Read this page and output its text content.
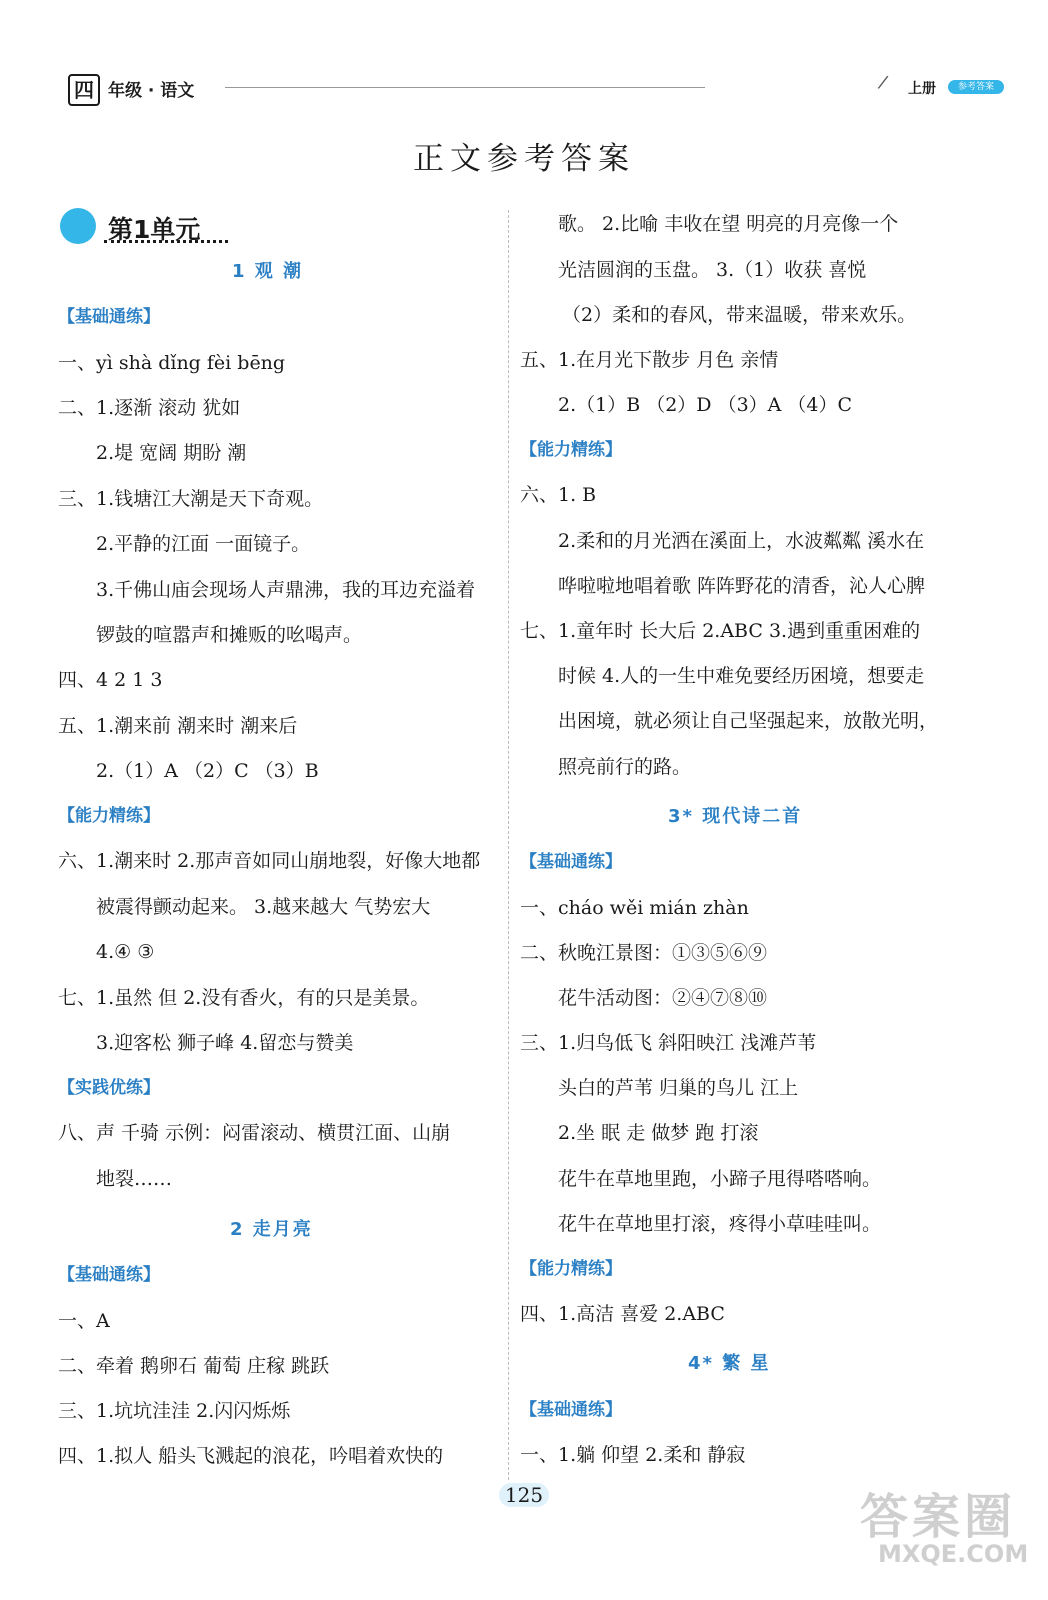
四 年级 · 语文	/ 上册	参考答案
正文参考答案
第1单元
1 观 潮
【基础通练】
一、yì shà dǐng fèi bēng
二、1.逐渐 滚动 犹如
2.堤 宽阔 期盼 潮
三、1.钱塘江大潮是天下奇观。
2.平静的江面 一面镜子。
3.千佛山庙会现场人声鼎沸，我的耳边充溢着
锣鼓的喧嚣声和摊贩的吆喝声。
四、4 2 1 3
五、1.潮来前 潮来时 潮来后
2.（1）A （2）C （3）B
【能力精练】
六、1.潮来时 2.那声音如同山崩地裂，好像大地都
被震得颤动起来。 3.越来越大 气势宏大
4.④ ③
七、1.虽然 但 2.没有香火，有的只是美景。
3.迎客松 狮子峰 4.留恋与赞美
【实践优练】
八、声 千骑 示例：闷雷滚动、横贯江面、山崩
地裂……
2 走月亮
【基础通练】
一、A
二、牵着 鹅卵石 葡萄 庄稼 跳跃
三、1.坑坑洼洼 2.闪闪烁烁
四、1.拟人 船头飞溅起的浪花，吟唱着欢快的
歌。 2.比喻 丰收在望 明亮的月亮像一个
光洁圆润的玉盘。 3.（1）收获 喜悦
（2）柔和的春风，带来温暖，带来欢乐。
五、1.在月光下散步 月色 亲情
2.（1）B （2）D （3）A （4）C
【能力精练】
六、1. B
2.柔和的月光洒在溪面上，水波粼粼 溪水在
哗啦啦地唱着歌 阵阵野花的清香，沁人心脾
七、1.童年时 长大后 2.ABC 3.遇到重重困难的
时候 4.人的一生中难免要经历困境，想要走
出困境，就必须让自己坚强起来，放散光明，
照亮前行的路。
3* 现代诗二首
【基础通练】
一、cháo wěi mián zhàn
二、秋晚江景图：①③⑤⑥⑨
花牛活动图：②④⑦⑧⑩
三、1.归鸟低飞 斜阳映江 浅滩芦苇
头白的芦苇 归巢的鸟儿 江上
2.坐 眠 走 做梦 跑 打滚
花牛在草地里跑，小蹄子甩得嗒嗒响。
花牛在草地里打滚，疼得小草哇哇叫。
【能力精练】
四、1.高洁 喜爱 2.ABC
4* 繁 星
【基础通练】
一、1.躺 仰望 2.柔和 静寂
125	答案圈
MXQE.COM
